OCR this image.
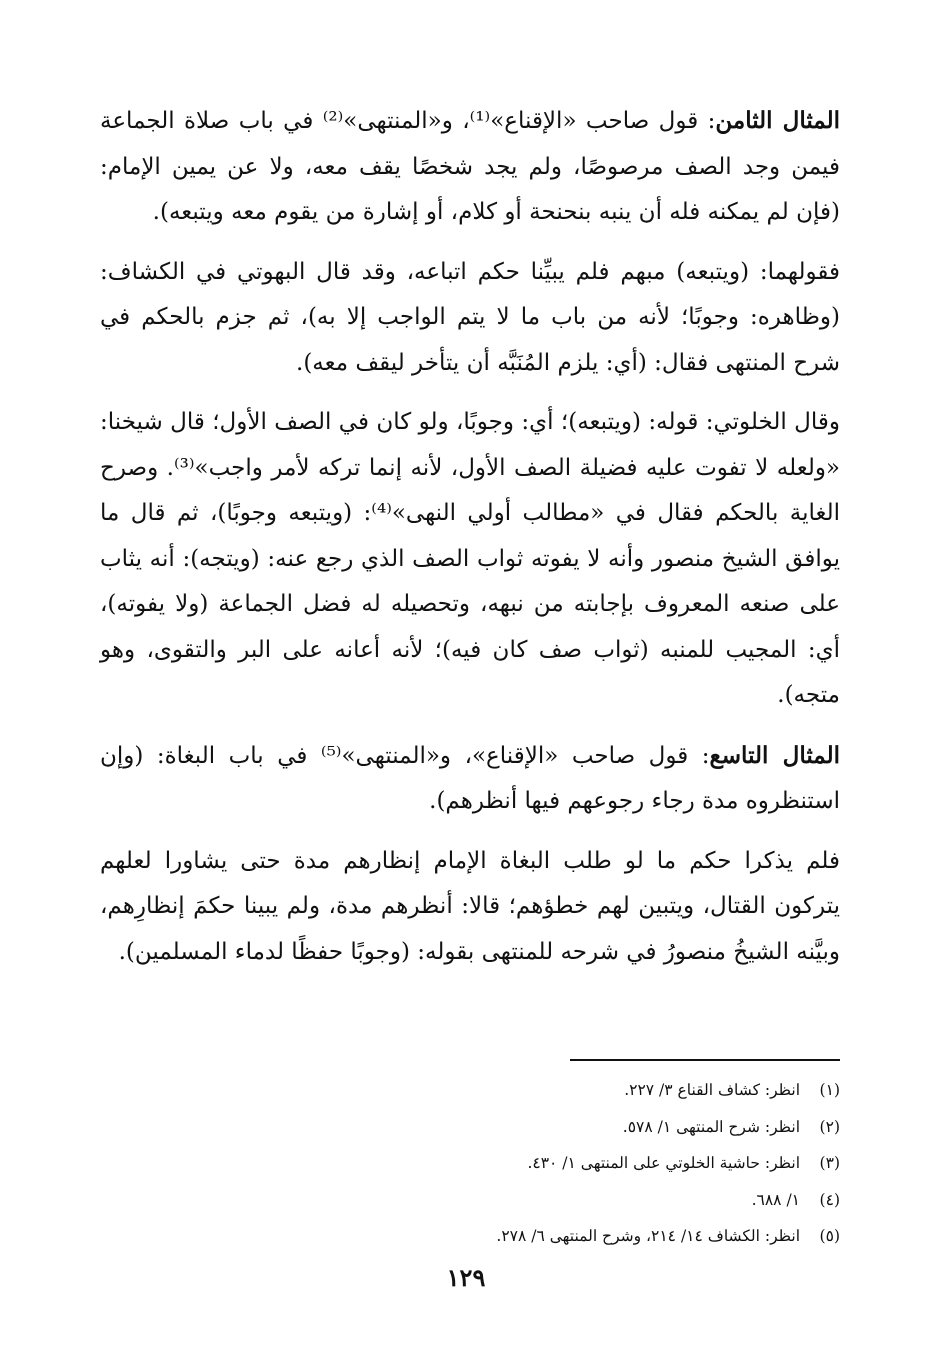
المثال الثامن: قول صاحب «الإقناع»⁽¹⁾، و«المنتهى»⁽²⁾ في باب صلاة الجماعة فيمن وجد الصف مرصوصًا، ولم يجد شخصًا يقف معه، ولا عن يمين الإمام: (فإن لم يمكنه فله أن ينبه بنحنحة أو كلام، أو إشارة من يقوم معه ويتبعه).

فقولهما: (ويتبعه) مبهم فلم يبيِّنا حكم اتباعه، وقد قال البهوتي في الكشاف: (وظاهره: وجوبًا؛ لأنه من باب ما لا يتم الواجب إلا به)، ثم جزم بالحكم في شرح المنتهى فقال: (أي: يلزم المُنَبَّه أن يتأخر ليقف معه).

وقال الخلوتي: قوله: (ويتبعه)؛ أي: وجوبًا، ولو كان في الصف الأول؛ قال شيخنا: «ولعله لا تفوت عليه فضيلة الصف الأول، لأنه إنما تركه لأمر واجب»⁽³⁾. وصرح الغاية بالحكم فقال في «مطالب أولي النهى»⁽⁴⁾: (ويتبعه وجوبًا)، ثم قال ما يوافق الشيخ منصور وأنه لا يفوته ثواب الصف الذي رجع عنه: (ويتجه): أنه يثاب على صنعه المعروف بإجابته من نبهه، وتحصيله له فضل الجماعة (ولا يفوته)، أي: المجيب للمنبه (ثواب صف كان فيه)؛ لأنه أعانه على البر والتقوى، وهو متجه).

المثال التاسع: قول صاحب «الإقناع»، و«المنتهى»⁽⁵⁾ في باب البغاة: (وإن استنظروه مدة رجاء رجوعهم فيها أنظرهم).

فلم يذكرا حكم ما لو طلب البغاة الإمام إنظارهم مدة حتى يشاورا لعلهم يتركون القتال، ويتبين لهم خطؤهم؛ قالا: أنظرهم مدة، ولم يبينا حكمَ إنظارِهم، وبيَّنه الشيخُ منصورُ في شرحه للمنتهى بقوله: (وجوبًا حفظًا لدماء المسلمين).

(١)انظر: كشاف القناع ٣/ ٢٢٧.
(٢)انظر: شرح المنتهى ١/ ٥٧٨.
(٣)انظر: حاشية الخلوتي على المنتهى ١/ ٤٣٠.
(٤)١/ ٦٨٨.
(٥)انظر: الكشاف ١٤/ ٢١٤، وشرح المنتهى ٦/ ٢٧٨.
١٢٩
